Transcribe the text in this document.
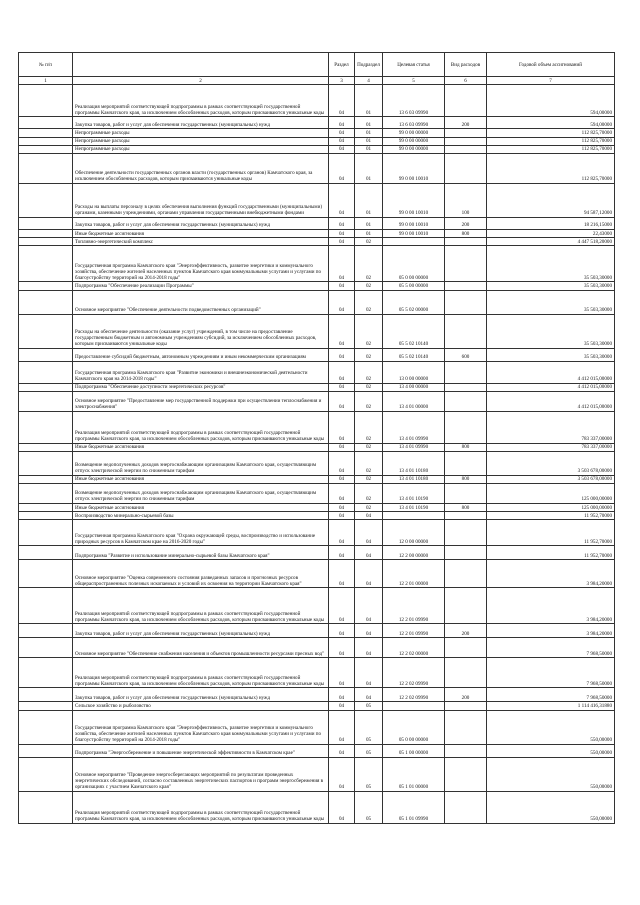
№ п/п		Раздел	Подраздел	Целевая статья	Вид расходов	Годовой объем ассигнований
1	2	3	4	5	6	7
	Реализация мероприятий соответствующей подпрограммы в рамках соответствующей государственной программы Камчатского края, за исключением обособленных расходов, которым присваиваются уникальные коды	04	01	13 6 03 09990		594,00000
	Закупка товаров, работ и услуг для обеспечения государственных (муниципальных) нужд	04	01	13 6 03 09990	200	594,00000
	Непрограммные расходы	04	01	99 0 00 00000		112 825,70000
	Непрограммные расходы	04	01	99 0 00 00000		112 825,70000
	Непрограммные расходы	04	01	99 0 00 00000		112 825,70000
	Обеспечение деятельности государственных органов власти (государственных органов) Камчатского края, за исключением обособленных расходов, которым присваиваются уникальные коды	04	01	99 0 00 10010		112 825,70000
	Расходы на выплаты персоналу в целях обеспечения выполнения функций государственными (муниципальными) органами, казенными учреждениями, органами управления государственными внебюджетными фондами	04	01	99 0 00 10010	100	94 587,12000
	Закупка товаров, работ и услуг для обеспечения государственных (муниципальных) нужд	04	01	99 0 00 10010	200	18 216,15000
	Иные бюджетные ассигнования	04	01	99 0 00 10010	800	22,43000
	Топливно-энергетический комплекс	04	02			4 447 518,20000
	Государственная программа Камчатского края "Энергоэффективность, развитие энергетики и коммунального хозяйства, обеспечение жителей населенных пунктов Камчатского края коммунальными услугами и услугами по благоустройству территорий на 2014-2018 годы"	04	02	05 0 00 00000		35 503,30000
	Подпрограмма "Обеспечение реализации Программы"	04	02	05 5 00 00000		35 503,30000
	Основное мероприятие "Обеспечение деятельности подведомственных организаций"	04	02	05 5 02 00000		35 503,30000
	Расходы на обеспечение деятельности (оказание услуг) учреждений, в том числе на предоставление государственным бюджетным и автономным учреждениям субсидий, за исключением обособленных расходов, которым присваиваются уникальные коды	04	02	05 5 02 10140		35 503,30000
	Предоставление субсидий бюджетным, автономным учреждениям и иным некоммерческим организациям	04	02	05 5 02 10140	600	35 503,30000
	Государственная программа Камчатского края "Развитие экономики и внешнеэкономической деятельности Камчатского края на 2014-2018 годы"	04	02	13 0 00 00000		4 412 015,00000
	Подпрограмма "Обеспечение доступности энергетических ресурсов"	04	02	13 4 00 00000		4 412 015,00000
	Основное мероприятие "Предоставление мер государственной поддержки при осуществлении теплоснабжения и электроснабжения"	04	02	13 4 01 00000		4 412 015,00000
	Реализация мероприятий соответствующей подпрограммы в рамках соответствующей государственной программы Камчатского края, за исключением обособленных расходов, которым присваиваются уникальные коды	04	02	13 4 01 09990		783 337,00000
	Иные бюджетные ассигнования	04	02	13 4 01 09990	800	783 337,00000
	Возмещение недополученных доходов энергоснабжающим организациям Камчатского края, осуществляющим отпуск электрической энергии по сниженным тарифам	04	02	13 4 01 10180		3 503 678,00000
	Иные бюджетные ассигнования	04	02	13 4 01 10180	800	3 503 678,00000
	Возмещение недополученных доходов энергоснабжающим организациям Камчатского края, осуществляющим отпуск электрической энергии по сниженным тарифам	04	02	13 4 01 10190		125 000,00000
	Иные бюджетные ассигнования	04	02	13 4 01 10190	800	125 000,00000
	Воспроизводство минерально-сырьевой базы	04	04			11 952,70000
	Государственная программа Камчатского края "Охрана окружающей среды, воспроизводство и использование природных ресурсов в Камчатском крае на 2016-2020 годы"	04	04	12 0 00 00000		11 952,70000
	Подпрограмма "Развитие и использование минерально-сырьевой базы Камчатского края"	04	04	12 2 00 00000		11 952,70000
	Основное мероприятие "Оценка современного состояния разведанных запасов и прогнозных ресурсов общераспространенных полезных ископаемых и условий их освоения на территории Камчатского края"	04	04	12 2 01 00000		3 984,20000
	Реализация мероприятий соответствующей подпрограммы в рамках соответствующей государственной программы Камчатского края, за исключением обособленных расходов, которым присваиваются уникальные коды	04	04	12 2 01 09990		3 984,20000
	Закупка товаров, работ и услуг для обеспечения государственных (муниципальных) нужд	04	04	12 2 01 09990	200	3 984,20000
	Основное мероприятие "Обеспечение снабжения населения и объектов промышленности ресурсами пресных вод"	04	04	12 2 02 00000		7 968,50000
	Реализация мероприятий соответствующей подпрограммы в рамках соответствующей государственной программы Камчатского края, за исключением обособленных расходов, которым присваиваются уникальные коды	04	04	12 2 02 09990		7 968,50000
	Закупка товаров, работ и услуг для обеспечения государственных (муниципальных) нужд	04	04	12 2 02 09990	200	7 968,50000
	Сельское хозяйство и рыболовство	04	05			1 114 416,31880
	Государственная программа Камчатского края "Энергоэффективность, развитие энергетики и коммунального хозяйства, обеспечение жителей населенных пунктов Камчатского края коммунальными услугами и услугами по благоустройству территорий на 2014-2018 годы"	04	05	05 0 00 00000		550,00000
	Подпрограмма "Энергосбережение и повышение энергетической эффективности в Камчатском крае"	04	05	05 1 00 00000		550,00000
	Основное мероприятие "Проведение энергосберегающих мероприятий по результатам проведенных энергетических обследований, согласно составленных энергетических паспортов и программ энергосбережения в организациях с участием Камчатского края"	04	05	05 1 01 00000		550,00000
	Реализация мероприятий соответствующей подпрограммы в рамках соответствующей государственной программы Камчатского края, за исключением обособленных расходов, которым присваиваются уникальные коды	04	05	05 1 01 09990		550,00000
